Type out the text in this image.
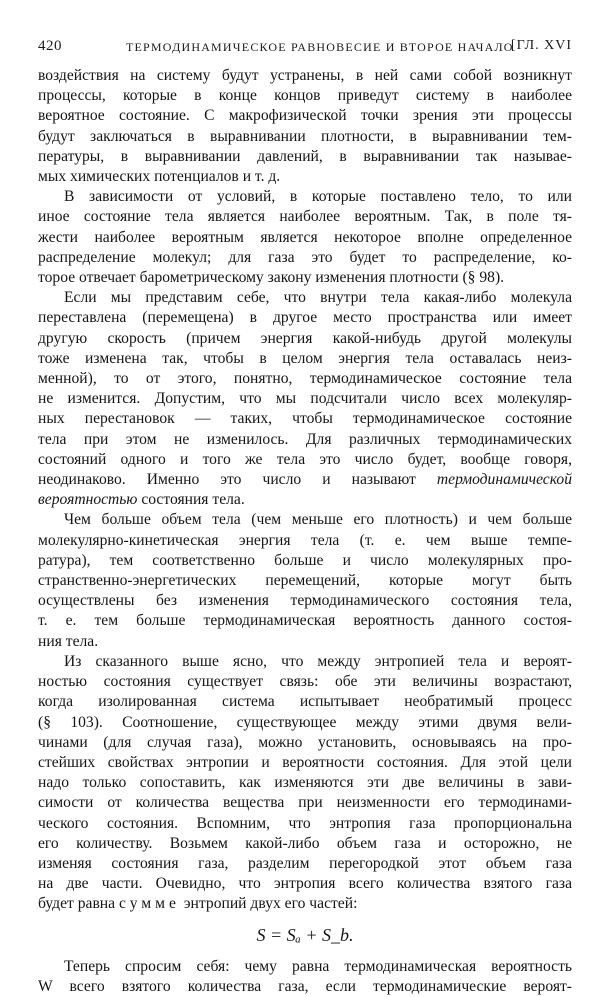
420	ТЕРМОДИНАМИЧЕСКОЕ РАВНОВЕСИЕ И ВТОРОЕ НАЧАЛО
[ГЛ. XVI

воздействия на систему будут устранены, в ней сами собой возникнут
процессы, которые в конце концов приведут систему в наиболее
вероятное состояние. С макрофизической точки зрения эти процессы
будут заключаться в выравнивании плотности, в выравнивании тем-
пературы, в выравнивании давлений, в выравнивании так называе-
мых химических потенциалов и т. д.

В зависимости от условий, в которые поставлено тело, то или
иное состояние тела является наиболее вероятным. Так, в поле тя-
жести наиболее вероятным является некоторое вполне определенное
распределение молекул; для газа это будет то распределение, ко-
торое отвечает барометрическому закону изменения плотности (§ 98).

Если мы представим себе, что внутри тела какая-либо молекула
переставлена (перемещена) в другое место пространства или имеет
другую скорость (причем энергия какой-нибудь другой молекулы
тоже изменена так, чтобы в целом энергия тела оставалась неиз-
менной), то от этого, понятно, термодинамическое состояние тела
не изменится. Допустим, что мы подсчитали число всех молекуляр-
ных перестановок — таких, чтобы термодинамическое состояние
тела при этом не изменилось. Для различных термодинамических
состояний одного и того же тела это число будет, вообще говоря,
неодинаково. Именно это число и называют термодинамической
вероятностью состояния тела.

Чем больше объем тела (чем меньше его плотность) и чем больше
молекулярно-кинетическая энергия тела (т. е. чем выше темпе-
ратура), тем соответственно больше и число молекулярных про-
странственно-энергетических перемещений, которые могут быть
осуществлены без изменения термодинамического состояния тела,
т. е. тем больше термодинамическая вероятность данного состоя-
ния тела.

Из сказанного выше ясно, что между энтропией тела и вероят-
ностью состояния существует связь: обе эти величины возрастают,
когда изолированная система испытывает необратимый процесс
(§ 103). Соотношение, существующее между этими двумя вели-
чинами (для случая газа), можно установить, основываясь на про-
стейших свойствах энтропии и вероятности состояния. Для этой цели
надо только сопоставить, как изменяются эти две величины в зави-
симости от количества вещества при неизменности его термодинами-
ческого состояния. Вспомним, что энтропия газа пропорциональна
его количеству. Возьмем какой-либо объем газа и осторожно, не
изменяя состояния газа, разделим перегородкой этот объем газа
на две части. Очевидно, что энтропия всего количества взятого газа
будет равна сумме энтропий двух его частей:

S = Sₐ + S_b.

Теперь спросим себя: чему равна термодинамическая вероятность
W всего взятого количества газа, если термодинамические вероят-
